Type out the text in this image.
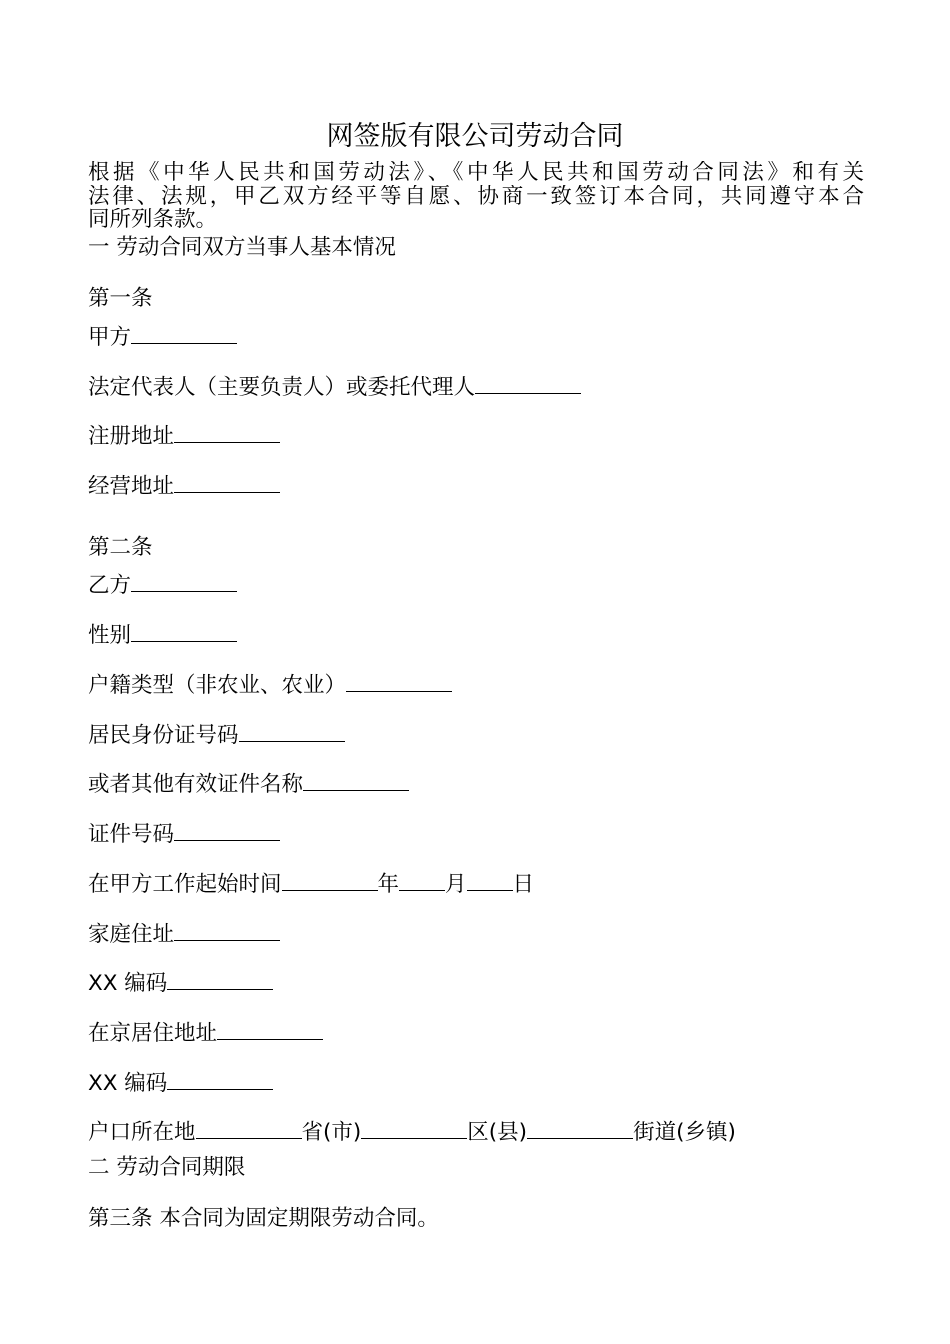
网签版有限公司劳动合同
根据《中华人民共和国劳动法》、《中华人民共和国劳动合同法》和有关
法律、法规，甲乙双方经平等自愿、协商一致签订本合同，共同遵守本合
同所列条款。
一 劳动合同双方当事人基本情况
第一条
甲方
法定代表人（主要负责人）或委托代理人
注册地址
经营地址
第二条
乙方
性别
户籍类型（非农业、农业）
居民身份证号码
或者其他有效证件名称
证件号码
在甲方工作起始时间	年 月 日
家庭住址
XX 编码
在京居住地址
XX 编码
户口所在地	省(市)	区(县)	街道(乡镇)
二 劳动合同期限
第三条 本合同为固定期限劳动合同。
